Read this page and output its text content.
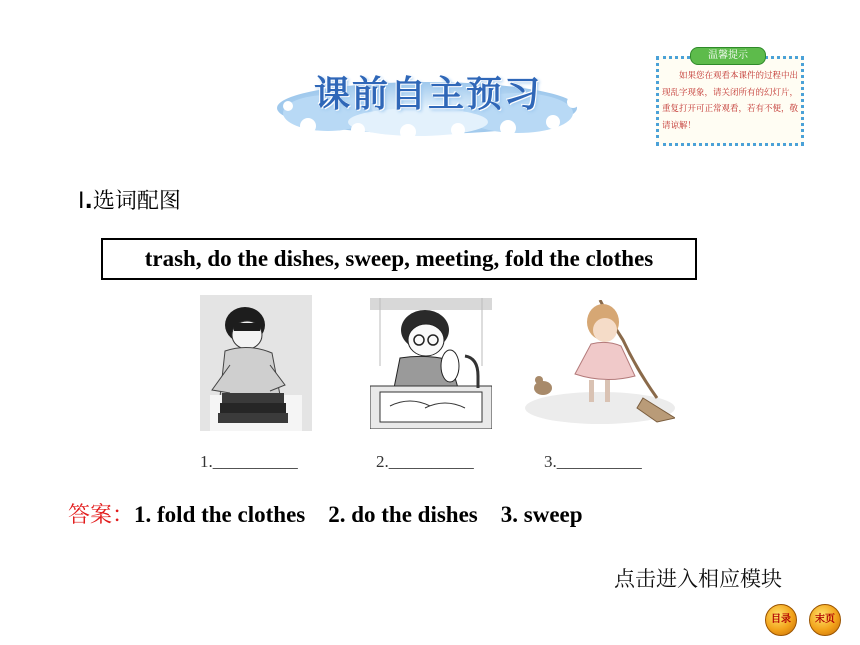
课前自主预习
温馨提示
如果您在观看本课件的过程中出现乱字现象，请关闭所有的幻灯片，重复打开可正常观看，若有不便，敬请谅解！
Ⅰ.选词配图
trash, do the dishes, sweep, meeting, fold the clothes
1.__________	2.__________	3.__________
答案：1. fold the clothes    2. do the dishes    3. sweep
点击进入相应模块
目录	末页
